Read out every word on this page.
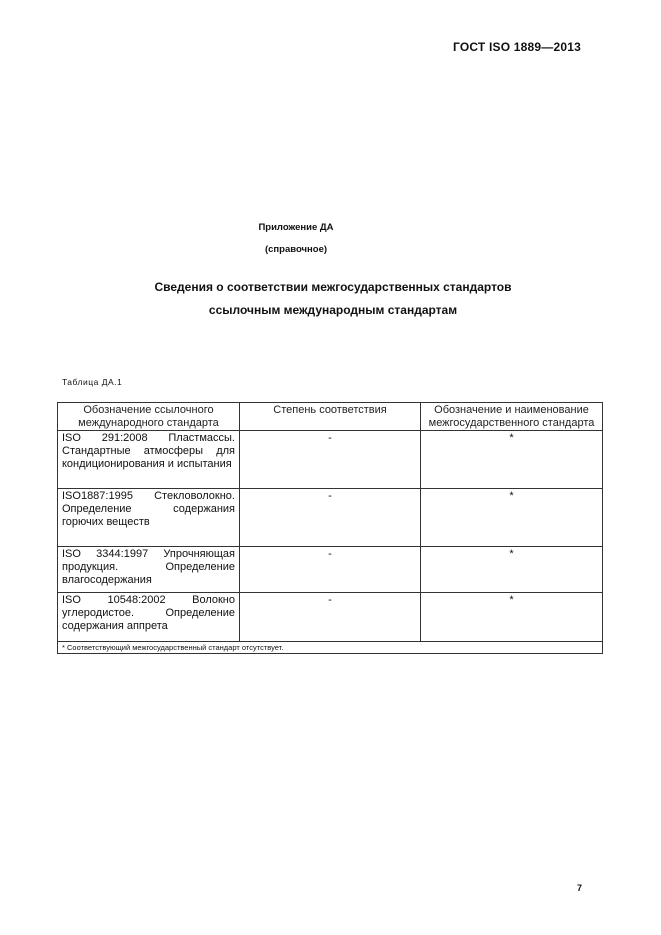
ГОСТ ISO 1889—2013
Приложение ДА
(справочное)
Сведения о соответствии межгосударственных стандартов
ссылочным международным стандартам
Таблица ДА.1
Обозначение ссылочного международного стандарта	Степень соответствия	Обозначение и наименование межгосударственного стандарта

ISO 291:2008 Пластмассы. Стандартные атмосферы для кондиционирования и испытания	-	*

ISO1887:1995 Стекловолокно. Определение содержания горючих веществ	-	*

ISO 3344:1997 Упрочняющая продукция. Определение влагосодержания	-	*

ISO 10548:2002 Волокно углеродистое. Определение содержания аппрета	-	*
* Соответствующий межгосударственный стандарт отсутствует.		
7
